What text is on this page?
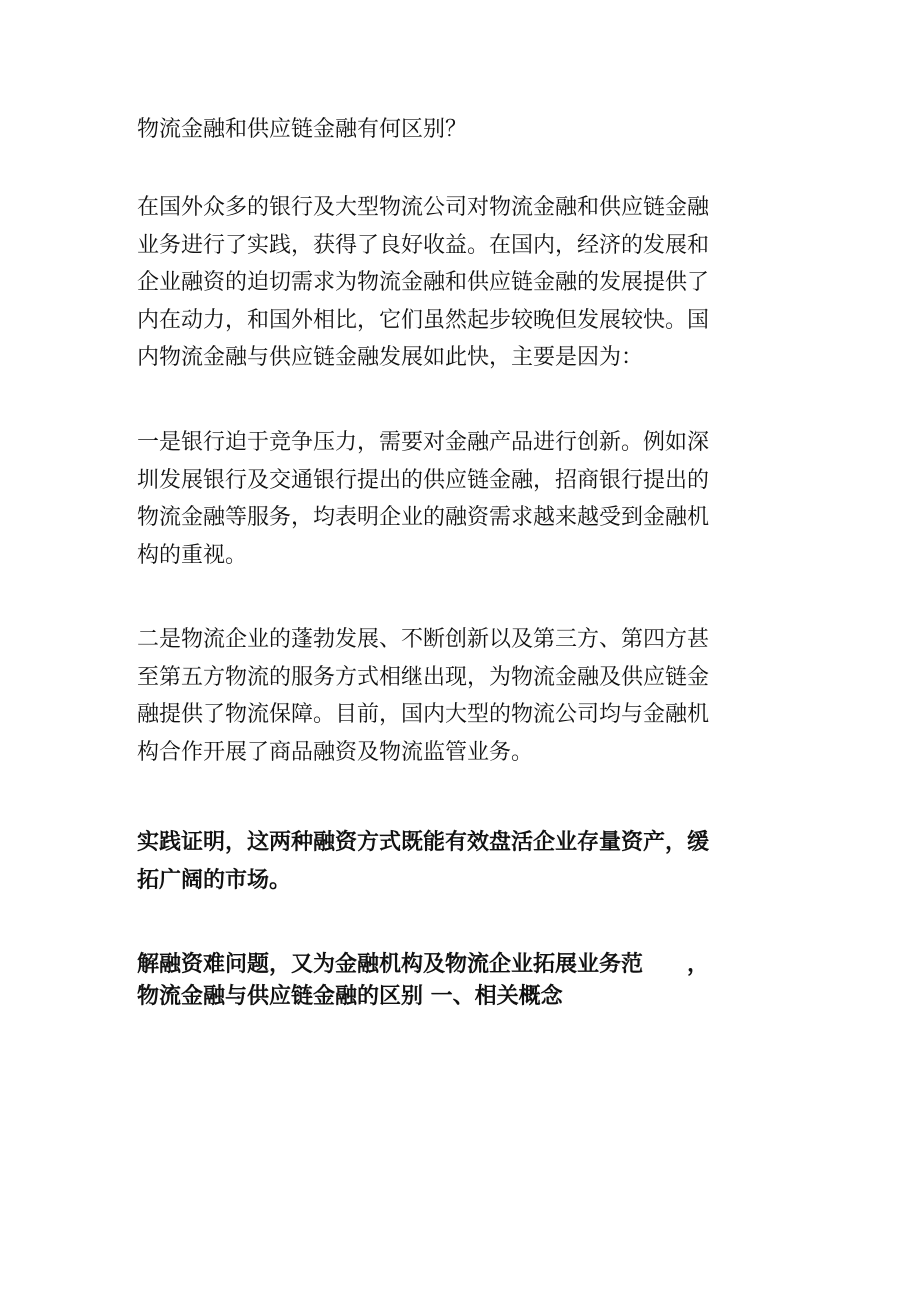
物流金融和供应链金融有何区别？
在国外众多的银行及大型物流公司对物流金融和供应链金融
业务进行了实践，获得了良好收益。在国内，经济的发展和
企业融资的迫切需求为物流金融和供应链金融的发展提供了
内在动力，和国外相比，它们虽然起步较晚但发展较快。国
内物流金融与供应链金融发展如此快，主要是因为：
一是银行迫于竞争压力，需要对金融产品进行创新。例如深
圳发展银行及交通银行提出的供应链金融，招商银行提出的
物流金融等服务，均表明企业的融资需求越来越受到金融机
构的重视。
二是物流企业的蓬勃发展、不断创新以及第三方、第四方甚
至第五方物流的服务方式相继出现，为物流金融及供应链金
融提供了物流保障。目前，国内大型的物流公司均与金融机
构合作开展了商品融资及物流监管业务。
实践证明，这两种融资方式既能有效盘活企业存量资产，缓
拓广阔的市场。
解融资难问题，又为金融机构及物流企业拓展业务范　　，
物流金融与供应链金融的区别 一、相关概念
